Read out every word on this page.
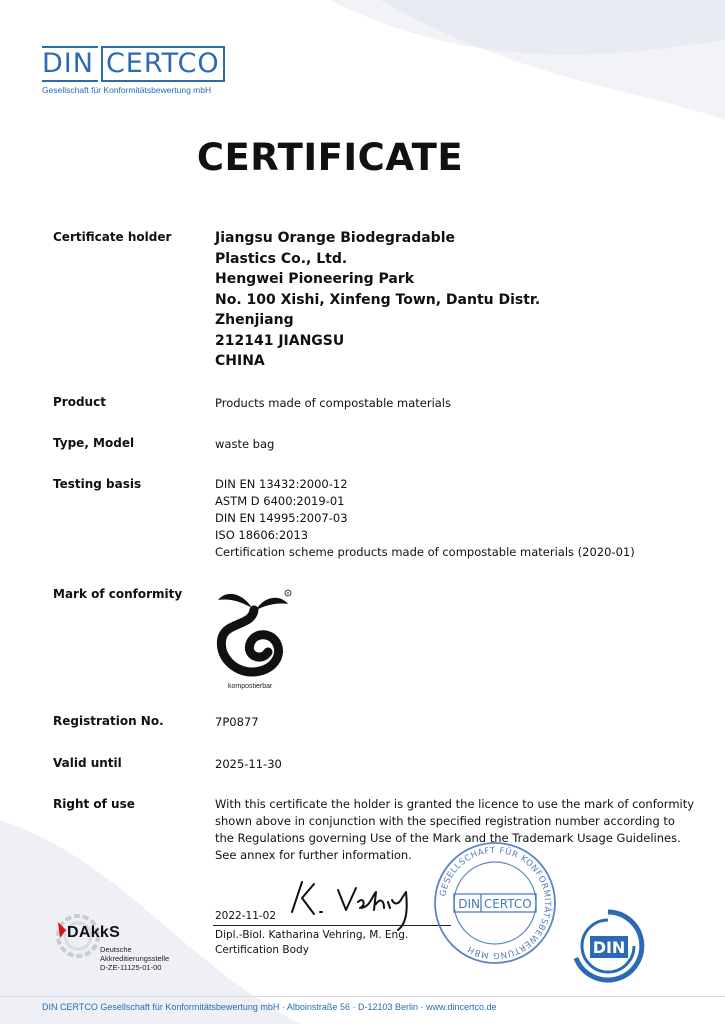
DIN CERTCO
Gesellschaft für Konformitätsbewertung mbH
CERTIFICATE
Certificate holder	Jiangsu Orange Biodegradable
Plastics Co., Ltd.
Hengwei Pioneering Park
No. 100 Xishi, Xinfeng Town, Dantu Distr.
Zhenjiang
212141 JIANGSU
CHINA
Product	Products made of compostable materials
Type, Model	waste bag
Testing basis	DIN EN 13432:2000-12
ASTM D 6400:2019-01
DIN EN 14995:2007-03
ISO 18606:2013
Certification scheme products made of compostable materials (2020-01)
Mark of conformity	R
kompostierbar
Registration No.	7P0877
Valid until	2025-11-30
Right of use	With this certificate the holder is granted the licence to use the mark of conformity
shown above in conjunction with the specified registration number according to
the Regulations governing Use of the Mark and the Trademark Usage Guidelines.
See annex for further information.
2022-11-02
Dipl.-Biol. Katharina Vehring, M. Eng.
Certification Body
GESELLSCHAFT FÜR KONFORMITÄTSBEWERTUNG MBH
DIN CERTCO
DAkkS
Deutsche
Akkreditierungsstelle
D-ZE-11125-01-00
DIN
DIN CERTCO Gesellschaft für Konformitätsbewertung mbH · Alboinstraße 56 · D-12103 Berlin · www.dincertco.de
